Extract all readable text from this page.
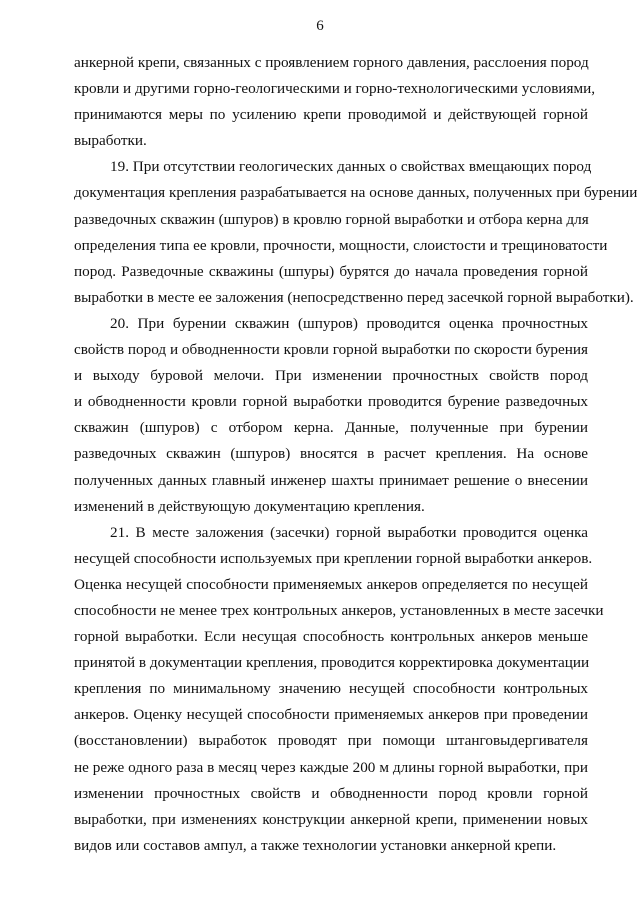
6

анкерной крепи, связанных с проявлением горного давления, расслоения пород
кровли и другими горно-геологическими и горно-технологическими условиями,
принимаются меры по усилению крепи проводимой и действующей горной
выработки.

19. При отсутствии геологических данных о свойствах вмещающих пород
документация крепления разрабатывается на основе данных, полученных при бурении
разведочных скважин (шпуров) в кровлю горной выработки и отбора керна для
определения типа ее кровли, прочности, мощности, слоистости и трещиноватости
пород. Разведочные скважины (шпуры) бурятся до начала проведения горной
выработки в месте ее заложения (непосредственно перед засечкой горной выработки).

20. При бурении скважин (шпуров) проводится оценка прочностных
свойств пород и обводненности кровли горной выработки по скорости бурения
и выходу буровой мелочи. При изменении прочностных свойств пород
и обводненности кровли горной выработки проводится бурение разведочных
скважин (шпуров) с отбором керна. Данные, полученные при бурении
разведочных скважин (шпуров) вносятся в расчет крепления. На основе
полученных данных главный инженер шахты принимает решение о внесении
изменений в действующую документацию крепления.

21. В месте заложения (засечки) горной выработки проводится оценка
несущей способности используемых при креплении горной выработки анкеров.
Оценка несущей способности применяемых анкеров определяется по несущей
способности не менее трех контрольных анкеров, установленных в месте засечки
горной выработки. Если несущая способность контрольных анкеров меньше
принятой в документации крепления, проводится корректировка документации
крепления по минимальному значению несущей способности контрольных
анкеров. Оценку несущей способности применяемых анкеров при проведении
(восстановлении) выработок проводят при помощи штанговыдергивателя
не реже одного раза в месяц через каждые 200 м длины горной выработки, при
изменении прочностных свойств и обводненности пород кровли горной
выработки, при изменениях конструкции анкерной крепи, применении новых
видов или составов ампул, а также технологии установки анкерной крепи.
